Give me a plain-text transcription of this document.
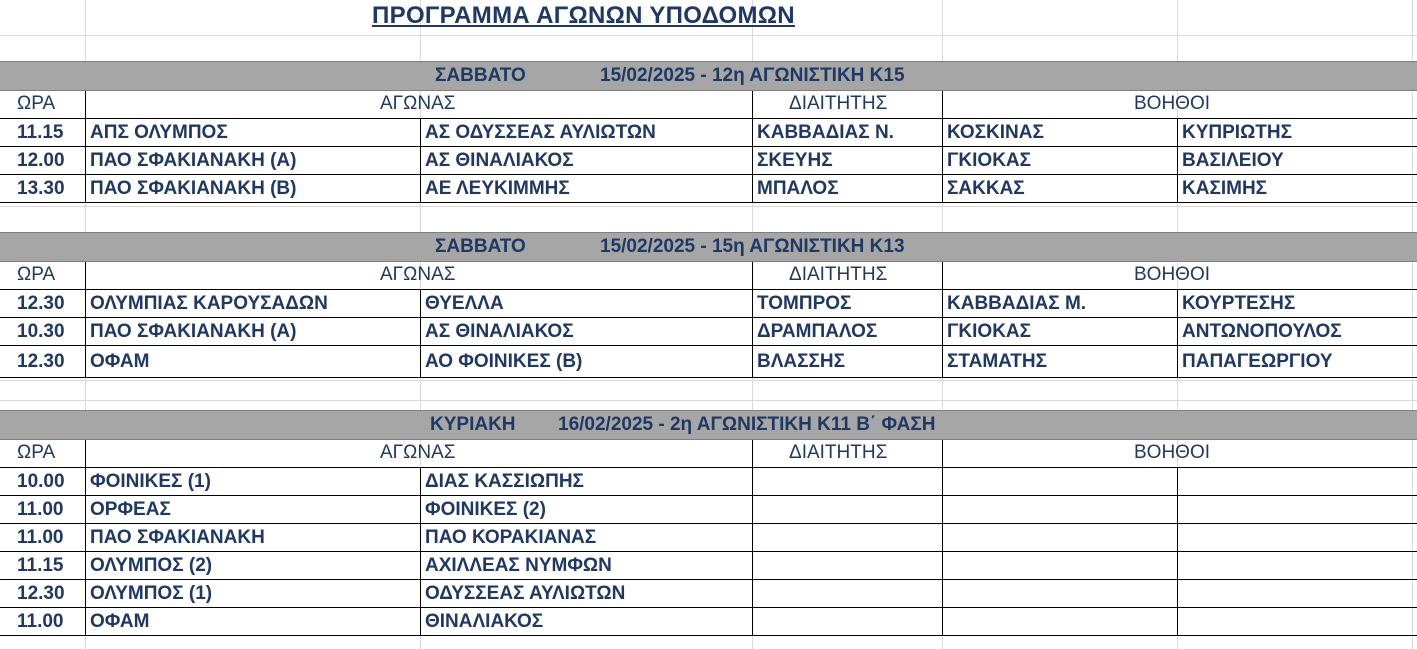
ΠΡΟΓΡΑΜΜΑ ΑΓΩΝΩΝ ΥΠΟΔΟΜΩΝ
ΣΑΒΒΑΤΟ	15/02/2025 - 12η ΑΓΩΝΙΣΤΙΚΗ Κ15
ΩΡΑ	ΑΓΩΝΑΣ	ΔΙΑΙΤΗΤΗΣ	ΒΟΗΘΟΙ
11.15 ΑΠΣ ΟΛΥΜΠΟΣ	ΑΣ ΟΔΥΣΣΕΑΣ ΑΥΛΙΩΤΩΝ	ΚΑΒΒΑΔΙΑΣ Ν.	ΚΟΣΚΙΝΑΣ	ΚΥΠΡΙΩΤΗΣ
12.00 ΠΑΟ ΣΦΑΚΙΑΝΑΚΗ (Α)	ΑΣ ΘΙΝΑΛΙΑΚΟΣ	ΣΚΕΥΗΣ	ΓΚΙΟΚΑΣ	ΒΑΣΙΛΕΙΟΥ
13.30 ΠΑΟ ΣΦΑΚΙΑΝΑΚΗ (Β)	ΑΕ ΛΕΥΚΙΜΜΗΣ	ΜΠΑΛΟΣ	ΣΑΚΚΑΣ	ΚΑΣΙΜΗΣ
ΣΑΒΒΑΤΟ	15/02/2025 - 15η ΑΓΩΝΙΣΤΙΚΗ Κ13
ΩΡΑ	ΑΓΩΝΑΣ	ΔΙΑΙΤΗΤΗΣ	ΒΟΗΘΟΙ
12.30 ΟΛΥΜΠΙΑΣ ΚΑΡΟΥΣΑΔΩΝ	ΘΥΕΛΛΑ	ΤΟΜΠΡΟΣ	ΚΑΒΒΑΔΙΑΣ Μ.	ΚΟΥΡΤΕΣΗΣ
10.30 ΠΑΟ ΣΦΑΚΙΑΝΑΚΗ (Α)	ΑΣ ΘΙΝΑΛΙΑΚΟΣ	ΔΡΑΜΠΑΛΟΣ	ΓΚΙΟΚΑΣ	ΑΝΤΩΝΟΠΟΥΛΟΣ
12.30 ΟΦΑΜ	ΑΟ ΦΟΙΝΙΚΕΣ (Β)	ΒΛΑΣΣΗΣ	ΣΤΑΜΑΤΗΣ	ΠΑΠΑΓΕΩΡΓΙΟΥ
ΚΥΡΙΑΚΗ 16/02/2025 - 2η ΑΓΩΝΙΣΤΙΚΗ Κ11 Β΄ ΦΑΣΗ
ΩΡΑ	ΑΓΩΝΑΣ	ΔΙΑΙΤΗΤΗΣ	ΒΟΗΘΟΙ
10.00 ΦΟΙΝΙΚΕΣ (1)	ΔΙΑΣ ΚΑΣΣΙΩΠΗΣ
11.00 ΟΡΦΕΑΣ	ΦΟΙΝΙΚΕΣ (2)
11.00 ΠΑΟ ΣΦΑΚΙΑΝΑΚΗ	ΠΑΟ ΚΟΡΑΚΙΑΝΑΣ
11.15 ΟΛΥΜΠΟΣ (2)	ΑΧΙΛΛΕΑΣ ΝΥΜΦΩΝ
12.30 ΟΛΥΜΠΟΣ (1)	ΟΔΥΣΣΕΑΣ ΑΥΛΙΩΤΩΝ
11.00 ΟΦΑΜ	ΘΙΝΑΛΙΑΚΟΣ
